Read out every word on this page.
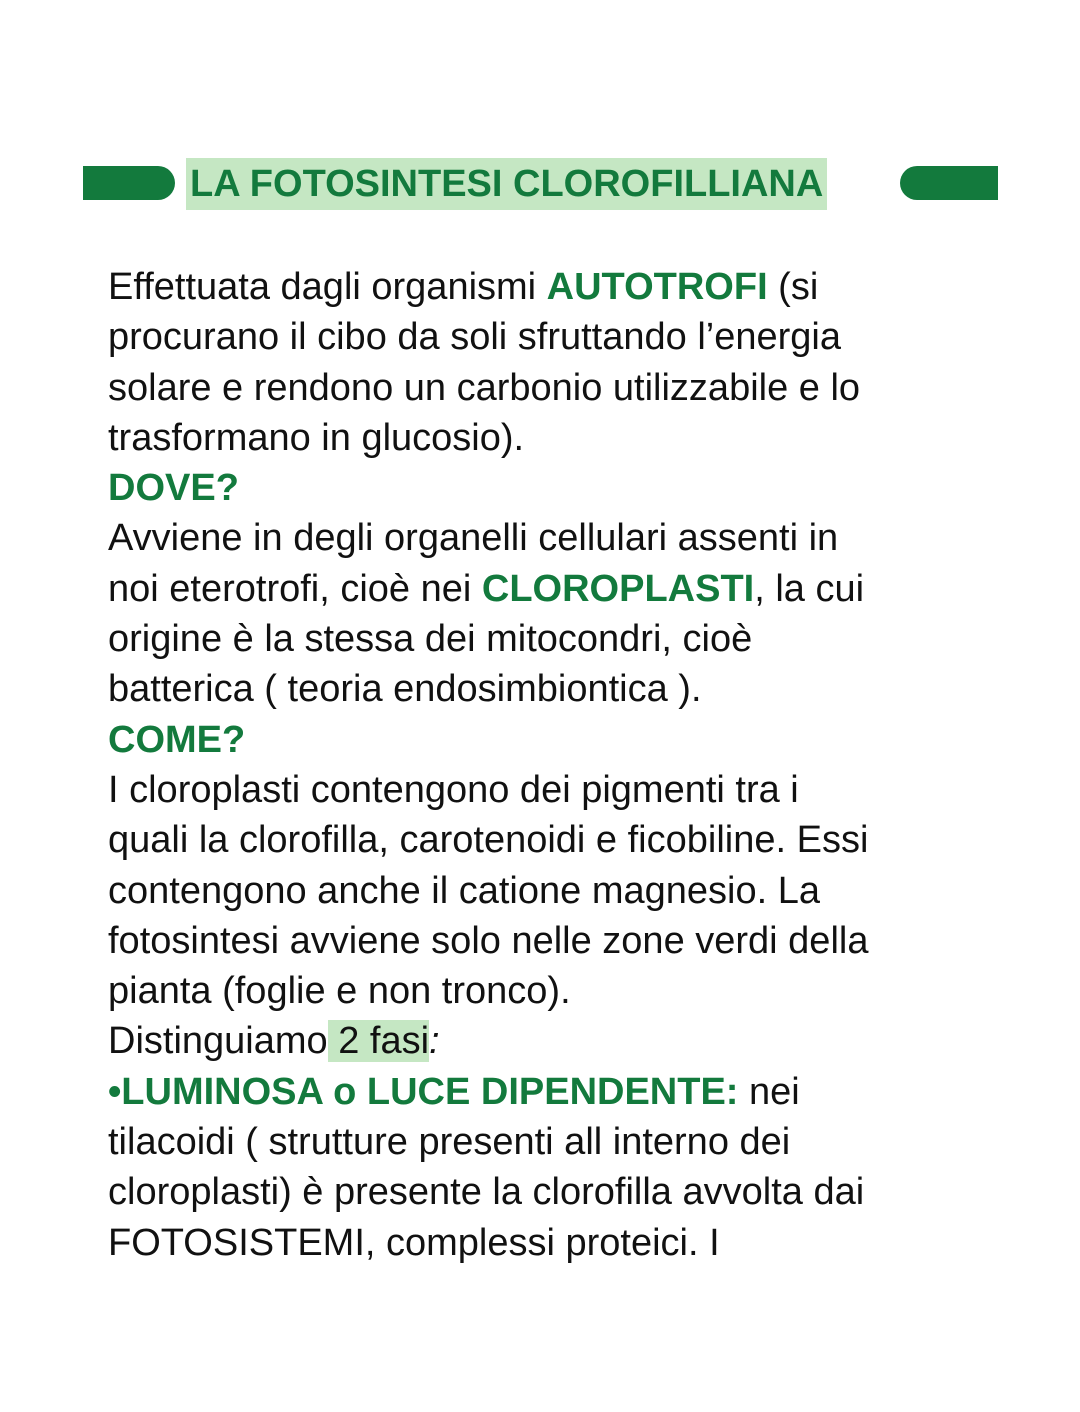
LA FOTOSINTESI CLOROFILLIANA
Effettuata dagli organismi AUTOTROFI (si
procurano il cibo da soli sfruttando l’energia
solare e rendono un carbonio utilizzabile e lo
trasformano in glucosio).
DOVE?
Avviene in degli organelli cellulari assenti in
noi eterotrofi, cioè nei CLOROPLASTI, la cui
origine è la stessa dei mitocondri, cioè
batterica ( teoria endosimbiontica ).
COME?
I cloroplasti contengono dei pigmenti tra i
quali la clorofilla, carotenoidi e ficobiline. Essi
contengono anche il catione magnesio. La
fotosintesi avviene solo nelle zone verdi della
pianta (foglie e non tronco).
Distinguiamo 2 fasi:
•LUMINOSA o LUCE DIPENDENTE: nei
tilacoidi ( strutture presenti all interno dei
cloroplasti) è presente la clorofilla avvolta dai
FOTOSISTEMI, complessi proteici. I
